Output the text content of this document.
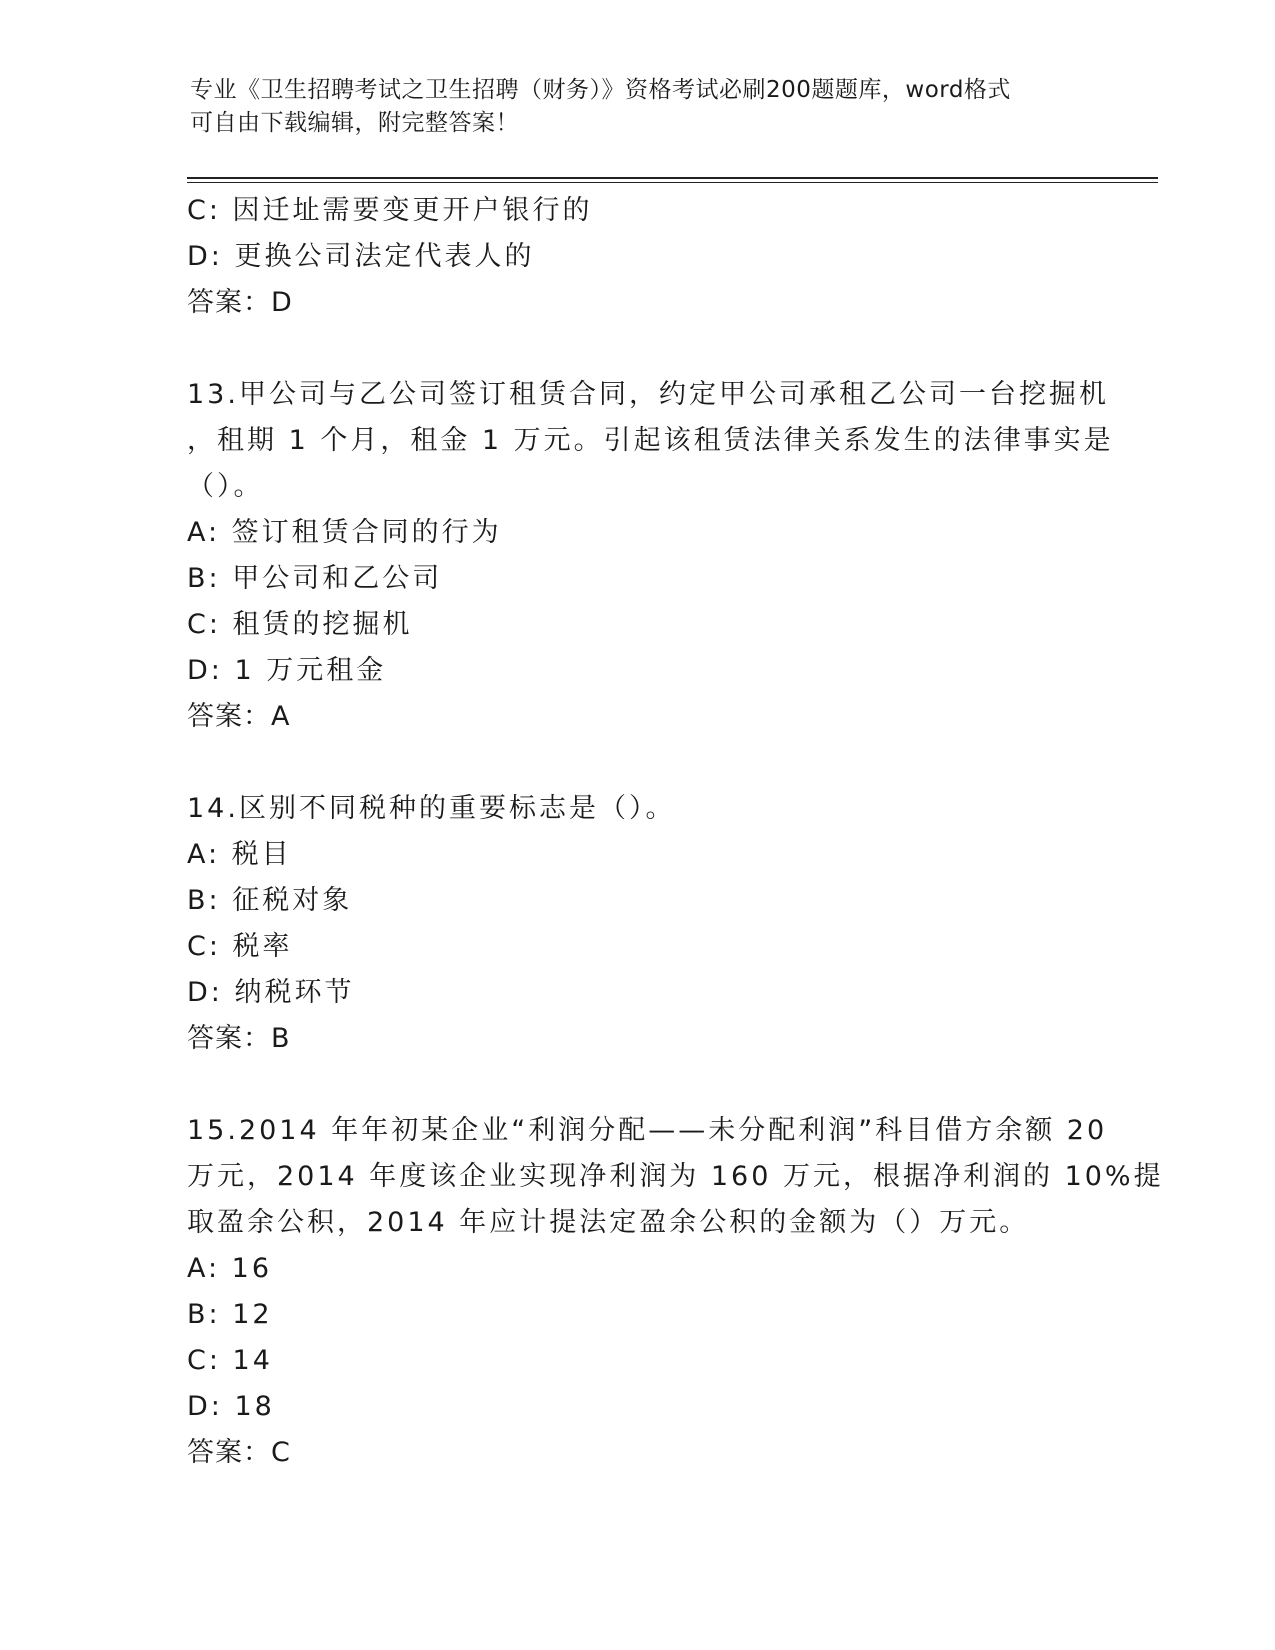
专业《卫生招聘考试之卫生招聘（财务）》资格考试必刷200题题库，word格式
可自由下载编辑，附完整答案！
C: 因迁址需要变更开户银行的
D: 更换公司法定代表人的
答案：D
13.甲公司与乙公司签订租赁合同，约定甲公司承租乙公司一台挖掘机
，租期 1 个月，租金 1 万元。引起该租赁法律关系发生的法律事实是
（）。
A: 签订租赁合同的行为
B: 甲公司和乙公司
C: 租赁的挖掘机
D: 1 万元租金
答案：A
14.区别不同税种的重要标志是（）。
A: 税目
B: 征税对象
C: 税率
D: 纳税环节
答案：B
15.2014 年年初某企业“利润分配——未分配利润”科目借方余额 20
万元，2014 年度该企业实现净利润为 160 万元，根据净利润的 10%提
取盈余公积，2014 年应计提法定盈余公积的金额为（）万元。
A: 16
B: 12
C: 14
D: 18
答案：C
